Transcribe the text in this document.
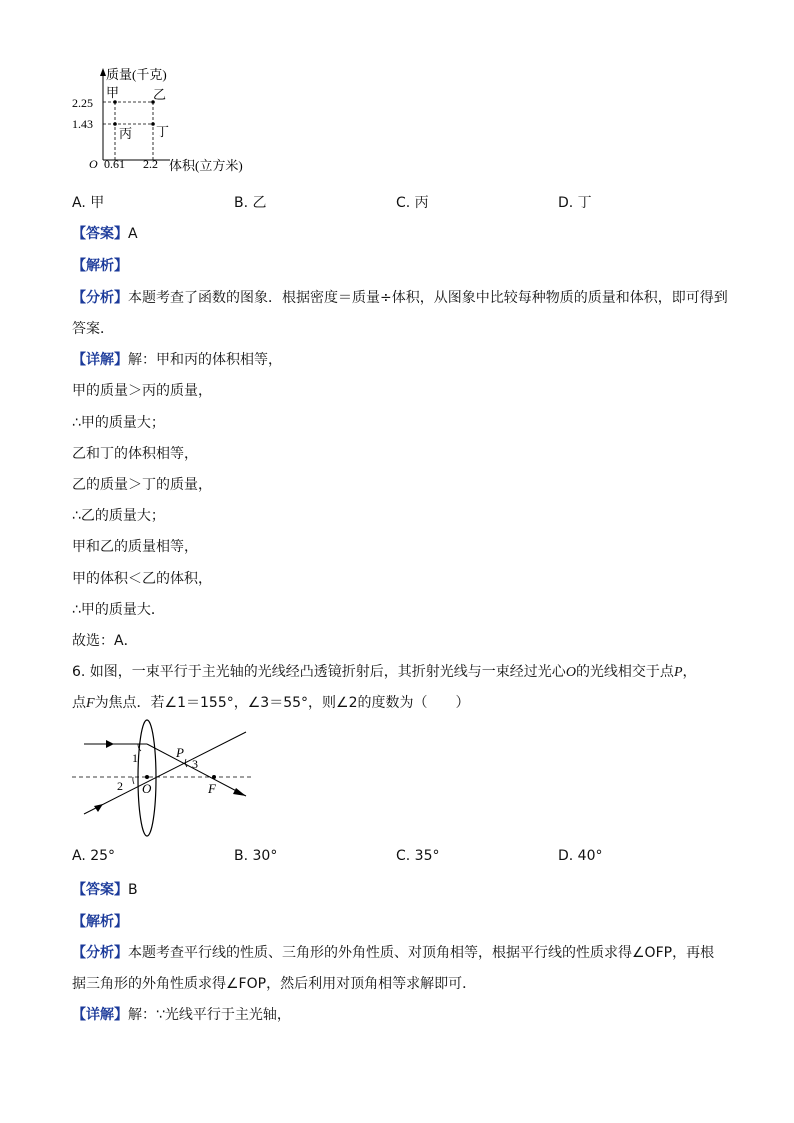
质量(千克)
2.25
1.43
O 0.61 2.2 体积(立方米)
甲	乙
丙 丁
A. 甲	B. 乙	C. 丙	D. 丁
【答案】A
【解析】
【分析】本题考查了函数的图象．根据密度＝质量÷体积，从图象中比较每种物质的质量和体积，即可得到
答案．
【详解】解：甲和丙的体积相等，
甲的质量＞丙的质量，
∴甲的质量大；
乙和丁的体积相等，
乙的质量＞丁的质量，
∴乙的质量大；
甲和乙的质量相等，
甲的体积＜乙的体积，
∴甲的质量大．
故选：A．
6. 如图，一束平行于主光轴的光线经凸透镜折射后，其折射光线与一束经过光心O的光线相交于点P，
点F为焦点．若∠1＝155°，∠3＝55°，则∠2的度数为（　　）
P
3
1
2 O	F
A. 25°	B. 30°	C. 35°	D. 40°
【答案】B
【解析】
【分析】本题考查平行线的性质、三角形的外角性质、对顶角相等，根据平行线的性质求得∠OFP，再根
据三角形的外角性质求得∠FOP，然后利用对顶角相等求解即可．
【详解】解：∵光线平行于主光轴，
